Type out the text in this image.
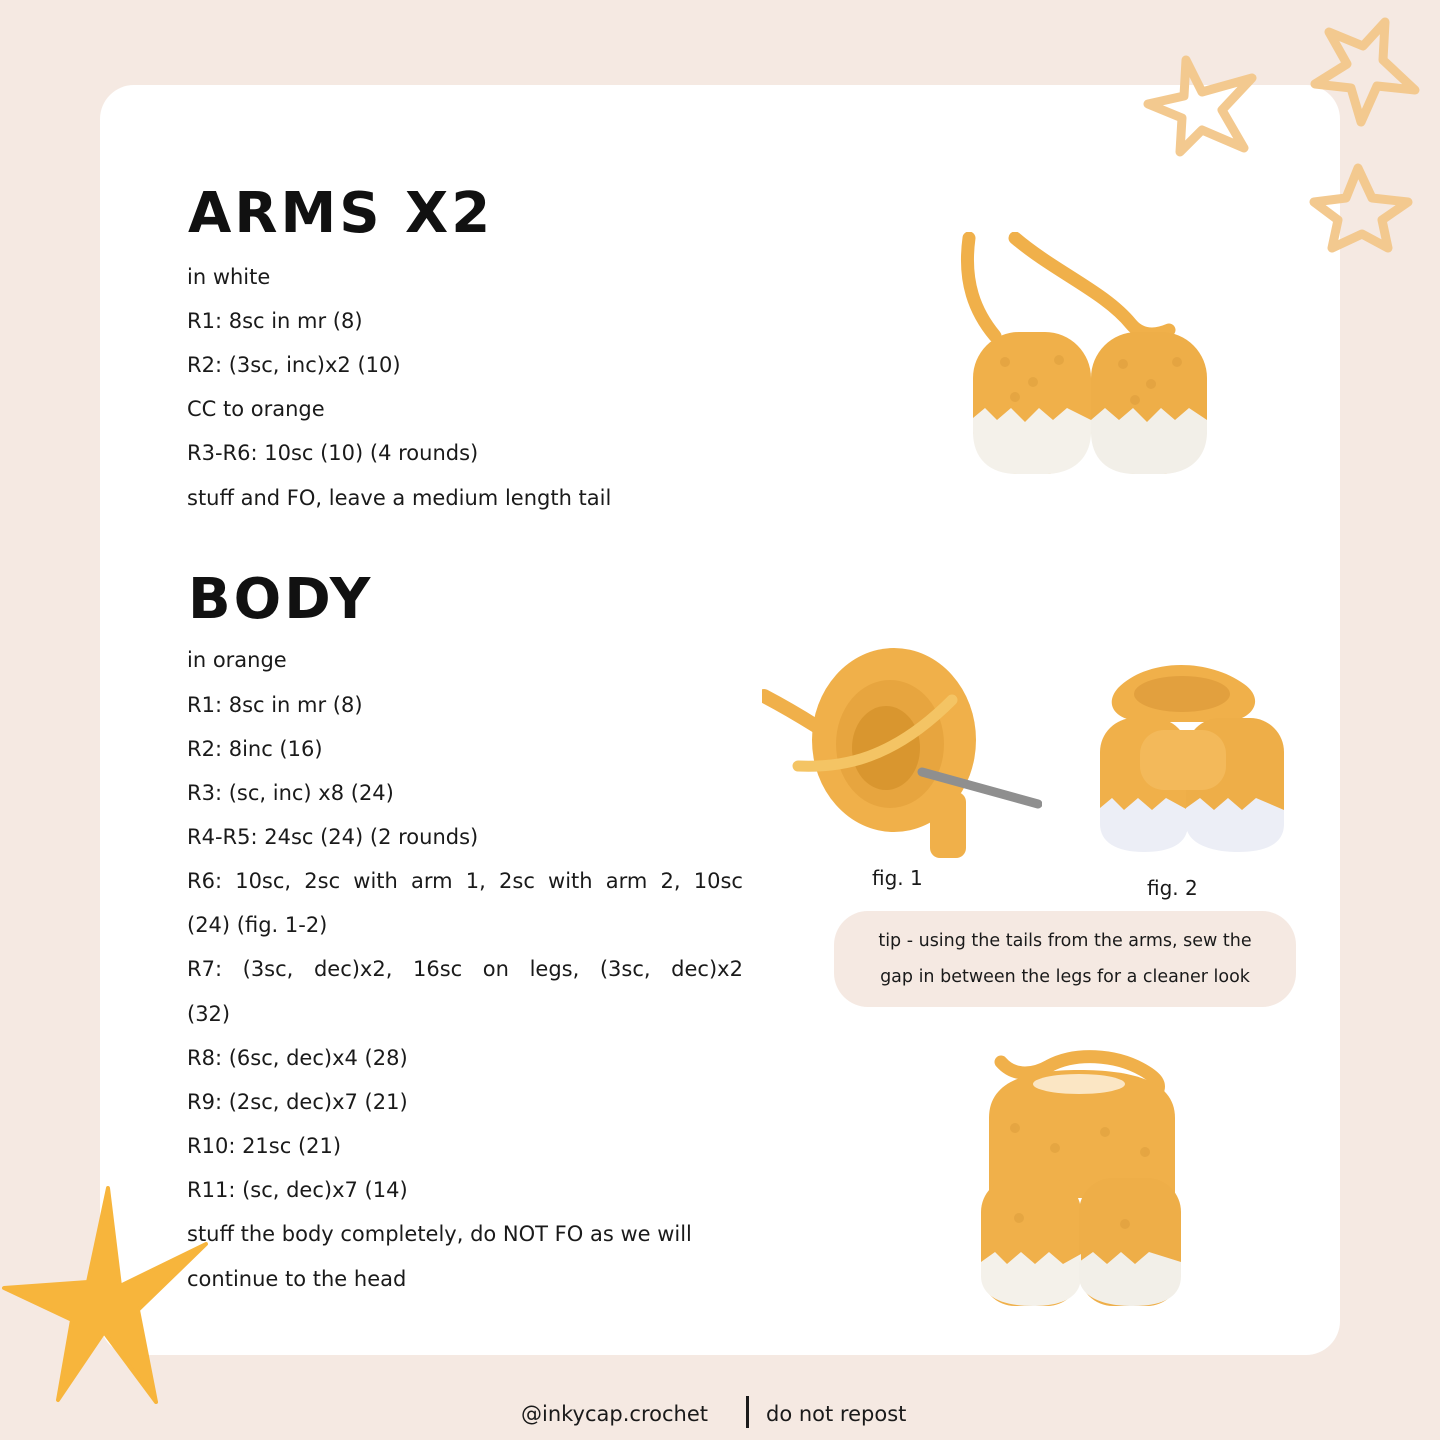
ARMS X2
in white
R1: 8sc in mr (8)
R2: (3sc, inc)x2 (10)
CC to orange
R3-R6: 10sc (10) (4 rounds)
stuff and FO, leave a medium length tail
BODY
in orange
R1: 8sc in mr (8)
R2: 8inc (16)
R3: (sc, inc) x8 (24)
R4-R5: 24sc (24) (2 rounds)
R6: 10sc, 2sc with arm 1, 2sc with arm 2, 10sc
(24) (fig. 1-2)
R7: (3sc, dec)x2, 16sc on legs, (3sc, dec)x2
(32)
R8: (6sc, dec)x4 (28)
R9: (2sc, dec)x7 (21)
R10: 21sc (21)
R11: (sc, dec)x7 (14)
stuff the body completely, do NOT FO as we will
continue to the head
fig. 1	fig. 2
tip - using the tails from the arms, sew the
gap in between the legs for a cleaner look
@inkycap.crochet	do not repost
